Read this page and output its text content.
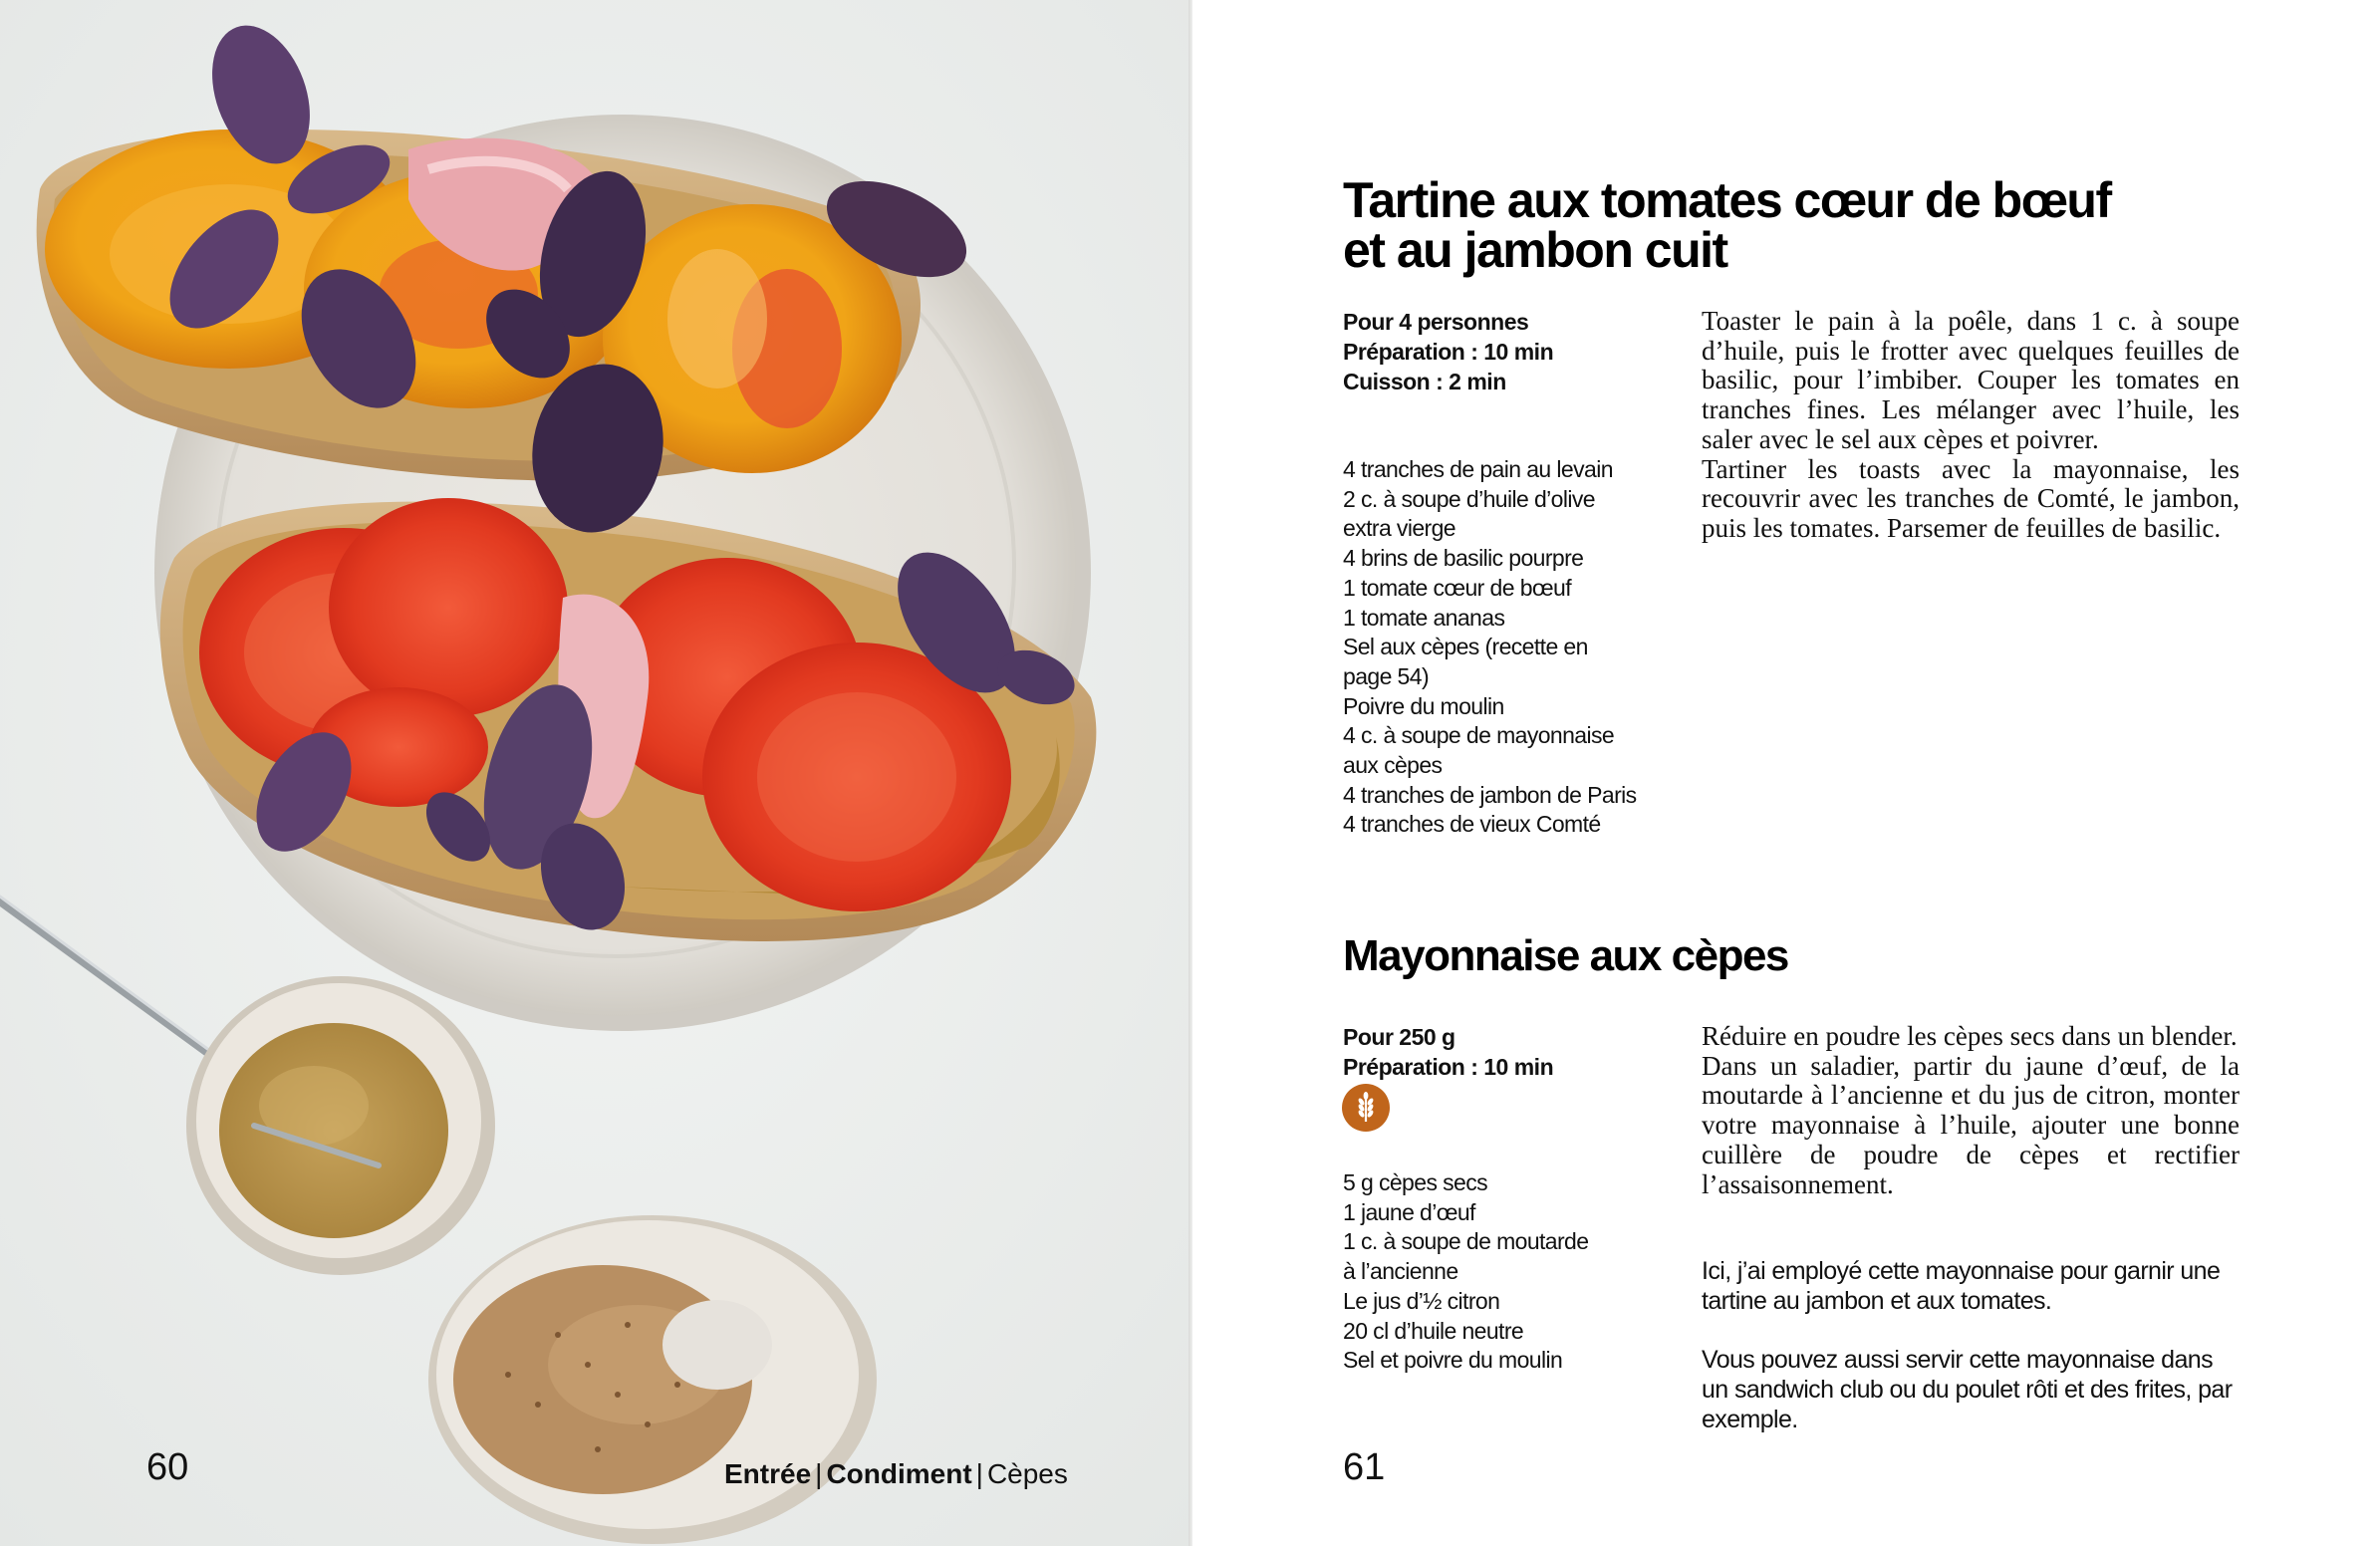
60	Entrée | Condiment | Cèpes
Tartine aux tomates cœur de bœuf
et au jambon cuit
Pour 4 personnes
Préparation : 10 min
Cuisson : 2 min
4 tranches de pain au levain
2 c. à soupe d’huile d’olive
extra vierge
4 brins de basilic pourpre
1 tomate cœur de bœuf
1 tomate ananas
Sel aux cèpes (recette en
page 54)
Poivre du moulin
4 c. à soupe de mayonnaise
aux cèpes
4 tranches de jambon de Paris
4 tranches de vieux Comté

Toaster le pain à la poêle, dans 1 c. à soupe d’huile, puis le frotter avec quelques feuilles de basilic, pour l’imbiber. Couper les tomates en tranches fines. Les mélanger avec l’huile, les saler avec le sel aux cèpes et poivrer.

Tartiner les toasts avec la mayonnaise, les recouvrir avec les tranches de Comté, le jambon, puis les tomates. Parsemer de feuilles de basilic.

Mayonnaise aux cèpes
Pour 250 g
Préparation : 10 min
5 g cèpes secs
1 jaune d’œuf
1 c. à soupe de moutarde
à l’ancienne
Le jus d’½ citron
20 cl d’huile neutre
Sel et poivre du moulin

Réduire en poudre les cèpes secs dans un blender.

Dans un saladier, partir du jaune d’œuf, de la moutarde à l’ancienne et du jus de citron, monter votre mayonnaise à l’huile, ajouter une bonne cuillère de poudre de cèpes et rectifier l’assaisonnement.

Ici, j’ai employé cette mayonnaise pour garnir une tartine au jambon et aux tomates.

Vous pouvez aussi servir cette mayonnaise dans un sandwich club ou du poulet rôti et des frites, par exemple.

61
